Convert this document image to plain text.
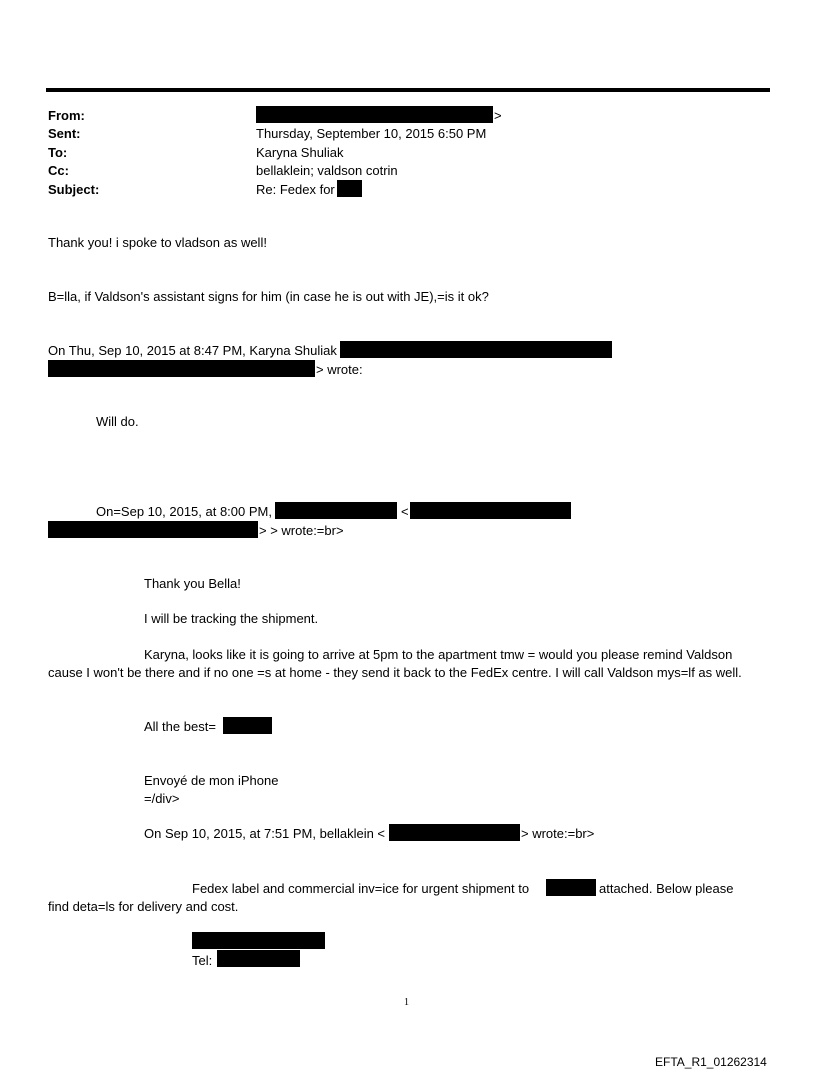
From:	>
Sent:	Thursday, September 10, 2015 6:50 PM
To:	Karyna Shuliak
Cc:	bellaklein; valdson cotrin
Subject:	Re: Fedex for
Thank you! i spoke to vladson as well!
B=lla, if Valdson's assistant signs for him (in case he is out with JE),=is it ok?
On Thu, Sep 10, 2015 at 8:47 PM, Karyna Shuliak
> wrote:
Will do.
On=Sep 10, 2015, at 8:00 PM,	<
> > wrote:=br>
Thank you Bella!
I will be tracking the shipment.
Karyna, looks like it is going to arrive at 5pm to the apartment tmw = would you please remind Valdson
cause I won't be there and if no one =s at home - they send it back to the FedEx centre. I will call Valdson mys=lf as well.
All the best=
Envoyé de mon iPhone
=/div>
On Sep 10, 2015, at 7:51 PM, bellaklein <	> wrote:=br>
Fedex label and commercial inv=ice for urgent shipment to	attached. Below please
find deta=ls for delivery and cost.
Tel:
1
EFTA_R1_01262314
